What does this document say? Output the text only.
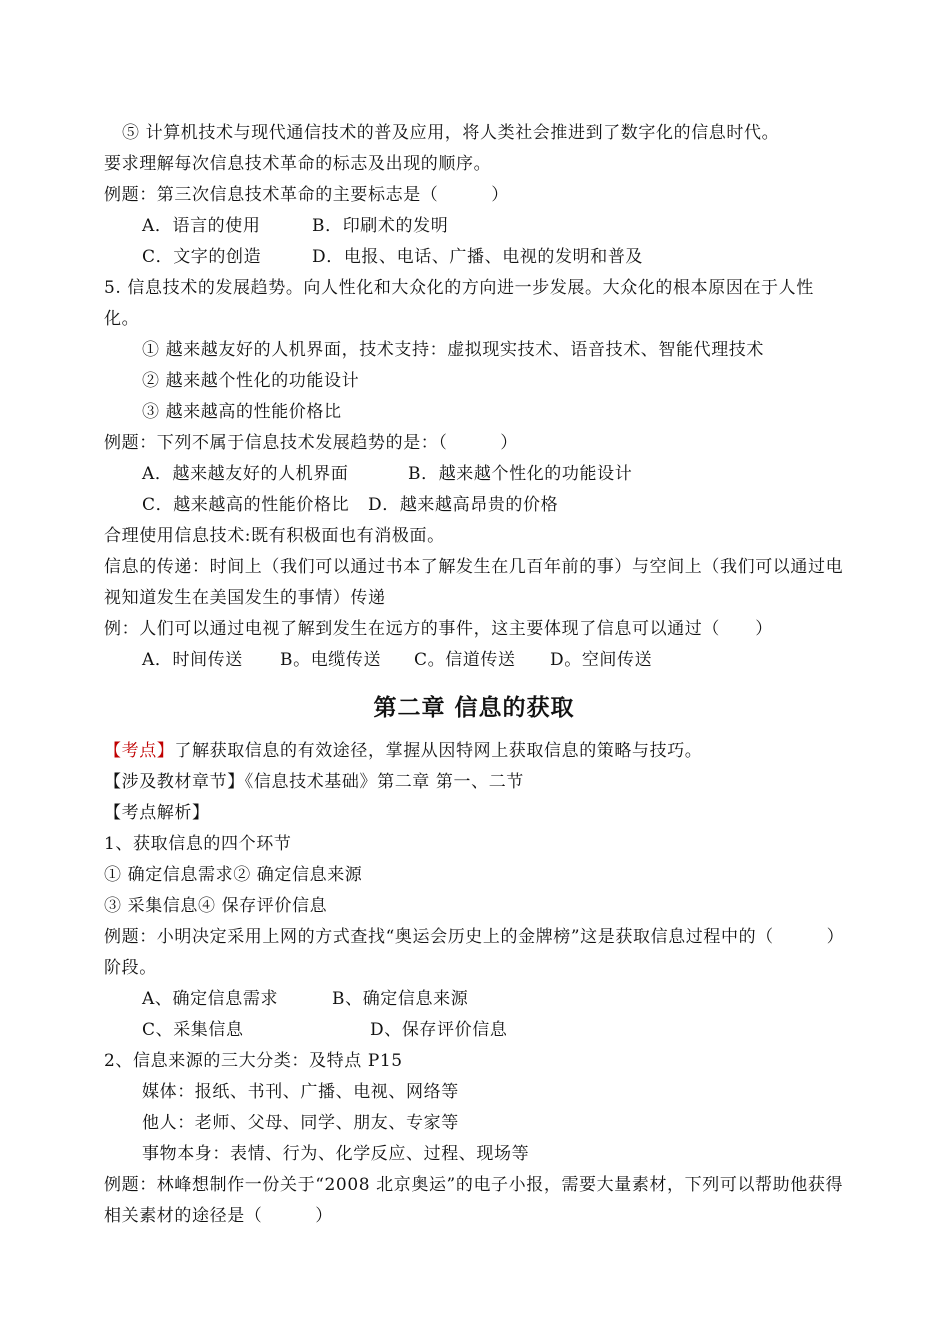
⑤ 计算机技术与现代通信技术的普及应用，将人类社会推进到了数字化的信息时代。

要求理解每次信息技术革命的标志及出现的顺序。

例题：第三次信息技术革命的主要标志是（　　　）

A．语言的使用	B．印刷术的发明

C．文字的创造	D．电报、电话、广播、电视的发明和普及

5. 信息技术的发展趋势。向人性化和大众化的方向进一步发展。大众化的根本原因在于人性化。

① 越来越友好的人机界面，技术支持：虚拟现实技术、语音技术、智能代理技术

② 越来越个性化的功能设计

③ 越来越高的性能价格比

例题：下列不属于信息技术发展趋势的是：（　　　）

A．越来越友好的人机界面	B．越来越个性化的功能设计

C．越来越高的性能价格比 D．越来越高昂贵的价格

合理使用信息技术:既有积极面也有消极面。

信息的传递：时间上（我们可以通过书本了解发生在几百年前的事）与空间上（我们可以通过电视知道发生在美国发生的事情）传递

例：人们可以通过电视了解到发生在远方的事件，这主要体现了信息可以通过（　　）

A．时间传送 B。电缆传送 C。信道传送 D。空间传送

第二章 信息的获取

【考点】了解获取信息的有效途径，掌握从因特网上获取信息的策略与技巧。

【涉及教材章节】《信息技术基础》第二章 第一、二节

【考点解析】

1、获取信息的四个环节

① 确定信息需求② 确定信息来源

③ 采集信息④ 保存评价信息

例题：小明决定采用上网的方式查找“奥运会历史上的金牌榜”这是获取信息过程中的（　　　）阶段。

A、确定信息需求	B、确定信息来源

C、采集信息	D、保存评价信息

2、信息来源的三大分类：及特点 P15

媒体：报纸、书刊、广播、电视、网络等

他人：老师、父母、同学、朋友、专家等

事物本身：表情、行为、化学反应、过程、现场等

例题：林峰想制作一份关于“2008 北京奥运”的电子小报，需要大量素材，下列可以帮助他获得相关素材的途径是（　　　）
